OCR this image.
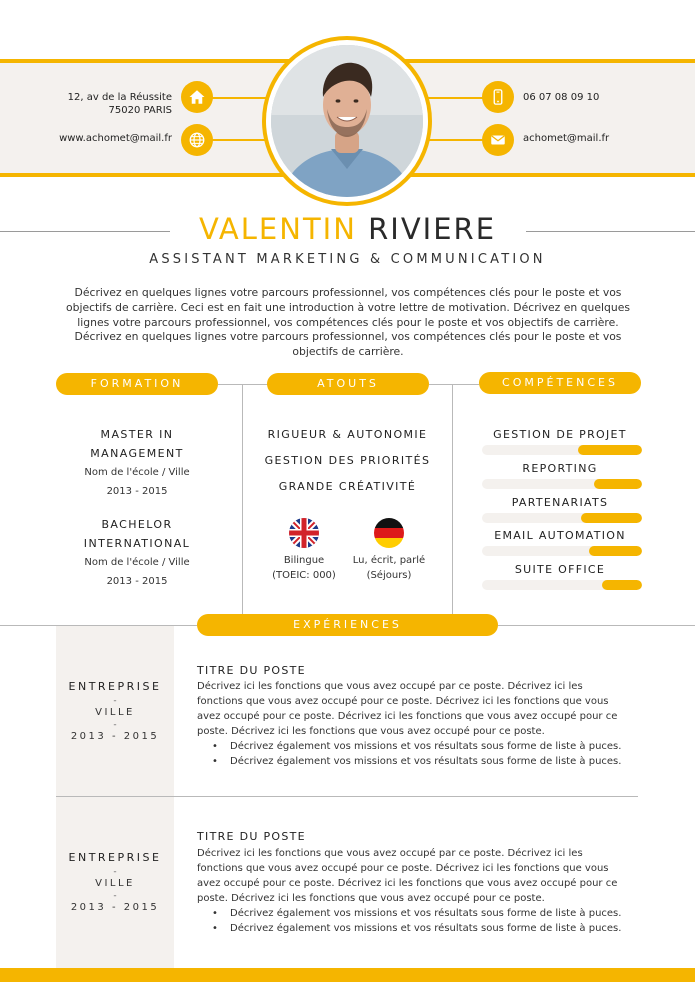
12, av de la Réussite
75020 PARIS
www.achomet@mail.fr
06 07 08 09 10
achomet@mail.fr
VALENTIN RIVIERE
ASSISTANT MARKETING & COMMUNICATION
Décrivez en quelques lignes votre parcours professionnel, vos compétences clés pour le poste et vos objectifs de carrière. Ceci est en fait une introduction à votre lettre de motivation. Décrivez en quelques lignes votre parcours professionnel, vos compétences clés pour le poste et vos objectifs de carrière. Décrivez en quelques lignes votre parcours professionnel, vos compétences clés pour le poste et vos objectifs de carrière.
FORMATION	ATOUTS	COMPÉTENCES
MASTER IN
MANAGEMENT
Nom de l'école / Ville
2013 - 2015
BACHELOR
INTERNATIONAL
Nom de l'école / Ville
2013 - 2015
RIGUEUR & AUTONOMIE
GESTION DES PRIORITÉS
GRANDE CRÉATIVITÉ
Bilingue
(TOEIC: 000)
Lu, écrit, parlé
(Séjours)
GESTION DE PROJET
REPORTING
PARTENARIATS
EMAIL AUTOMATION
SUITE OFFICE
EXPÉRIENCES
ENTREPRISE
-
VILLE
-
2013 - 2015
TITRE DU POSTE
Décrivez ici les fonctions que vous avez occupé par ce poste. Décrivez ici les fonctions que vous avez occupé pour ce poste. Décrivez ici les fonctions que vous avez occupé pour ce poste. Décrivez ici les fonctions que vous avez occupé pour ce poste. Décrivez ici les fonctions que vous avez occupé pour ce poste.
• Décrivez également vos missions et vos résultats sous forme de liste à puces.
• Décrivez également vos missions et vos résultats sous forme de liste à puces.
ENTREPRISE
-
VILLE
-
2013 - 2015
TITRE DU POSTE
Décrivez ici les fonctions que vous avez occupé par ce poste. Décrivez ici les fonctions que vous avez occupé pour ce poste. Décrivez ici les fonctions que vous avez occupé pour ce poste. Décrivez ici les fonctions que vous avez occupé pour ce poste. Décrivez ici les fonctions que vous avez occupé pour ce poste.
• Décrivez également vos missions et vos résultats sous forme de liste à puces.
• Décrivez également vos missions et vos résultats sous forme de liste à puces.
